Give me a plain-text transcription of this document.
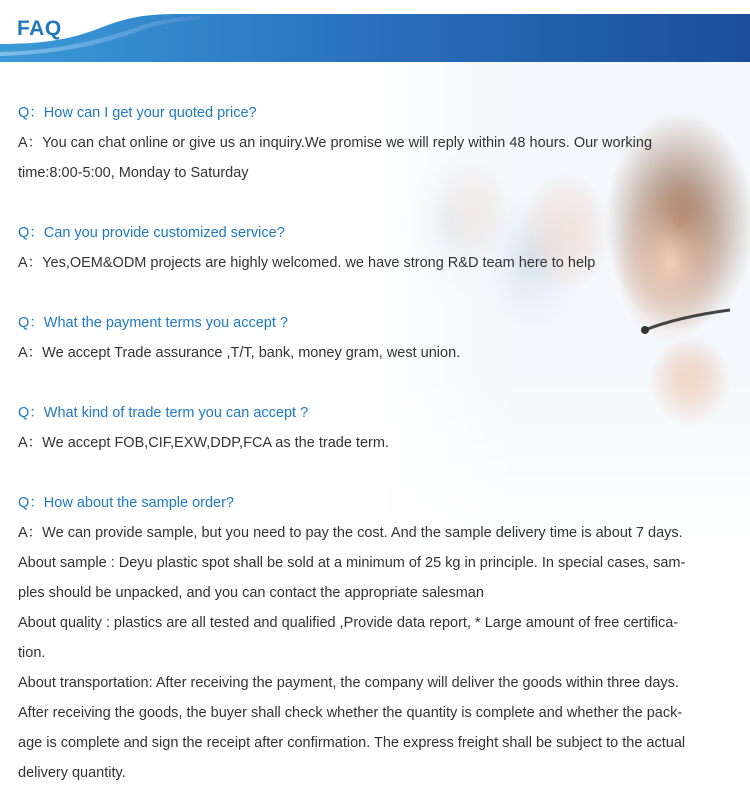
FAQ
Q：How can I get your quoted price?
A：You can chat online or give us an inquiry.We promise we will reply within 48 hours. Our working
time:8:00-5:00, Monday to Saturday
Q：Can you provide customized service?
A：Yes,OEM&ODM projects are highly welcomed. we have strong R&D team here to help
Q：What the payment terms you accept ?
A：We accept Trade assurance ,T/T, bank, money gram, west union.
Q：What kind of trade term you can accept ?
A：We accept FOB,CIF,EXW,DDP,FCA as the trade term.
Q：How about the sample order?
A：We can provide sample, but you need to pay the cost. And the sample delivery time is about 7 days.
About sample : Deyu plastic spot shall be sold at a minimum of 25 kg in principle. In special cases, sam-
ples should be unpacked, and you can contact the appropriate salesman
About quality : plastics are all tested and qualified ,Provide data report, * Large amount of free certifica-
tion.
About transportation: After receiving the payment, the company will deliver the goods within three days.
After receiving the goods, the buyer shall check whether the quantity is complete and whether the pack-
age is complete and sign the receipt after confirmation. The express freight shall be subject to the actual
delivery quantity.
